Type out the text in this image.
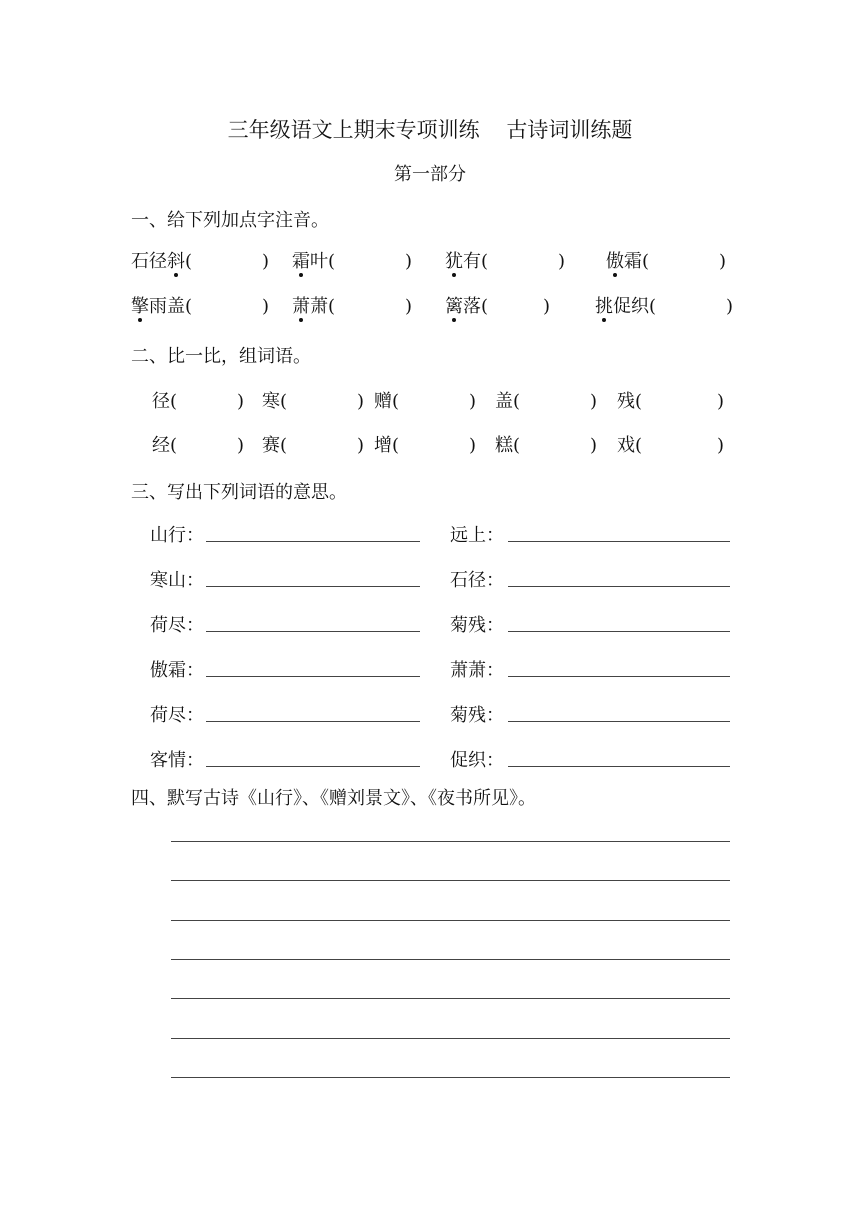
三年级语文上期末专项训练    古诗词训练题
第一部分
一、给下列加点字注音。
石径斜(	) 霜叶(	) 犹有(	) 傲霜(	)
擎雨盖(	) 萧萧(	) 篱落(	) 挑促织(	)
二、比一比，组词语。
径(	) 寒(	) 赠(	) 盖(	) 残(	)
经(	) 赛(	) 增(	) 糕(	) 戏(	)
三、写出下列词语的意思。
山行：	远上：
寒山：	石径：
荷尽：	菊残：
傲霜：	萧萧：
荷尽：	菊残：
客情：	促织：
四、默写古诗《山行》、《赠刘景文》、《夜书所见》。
